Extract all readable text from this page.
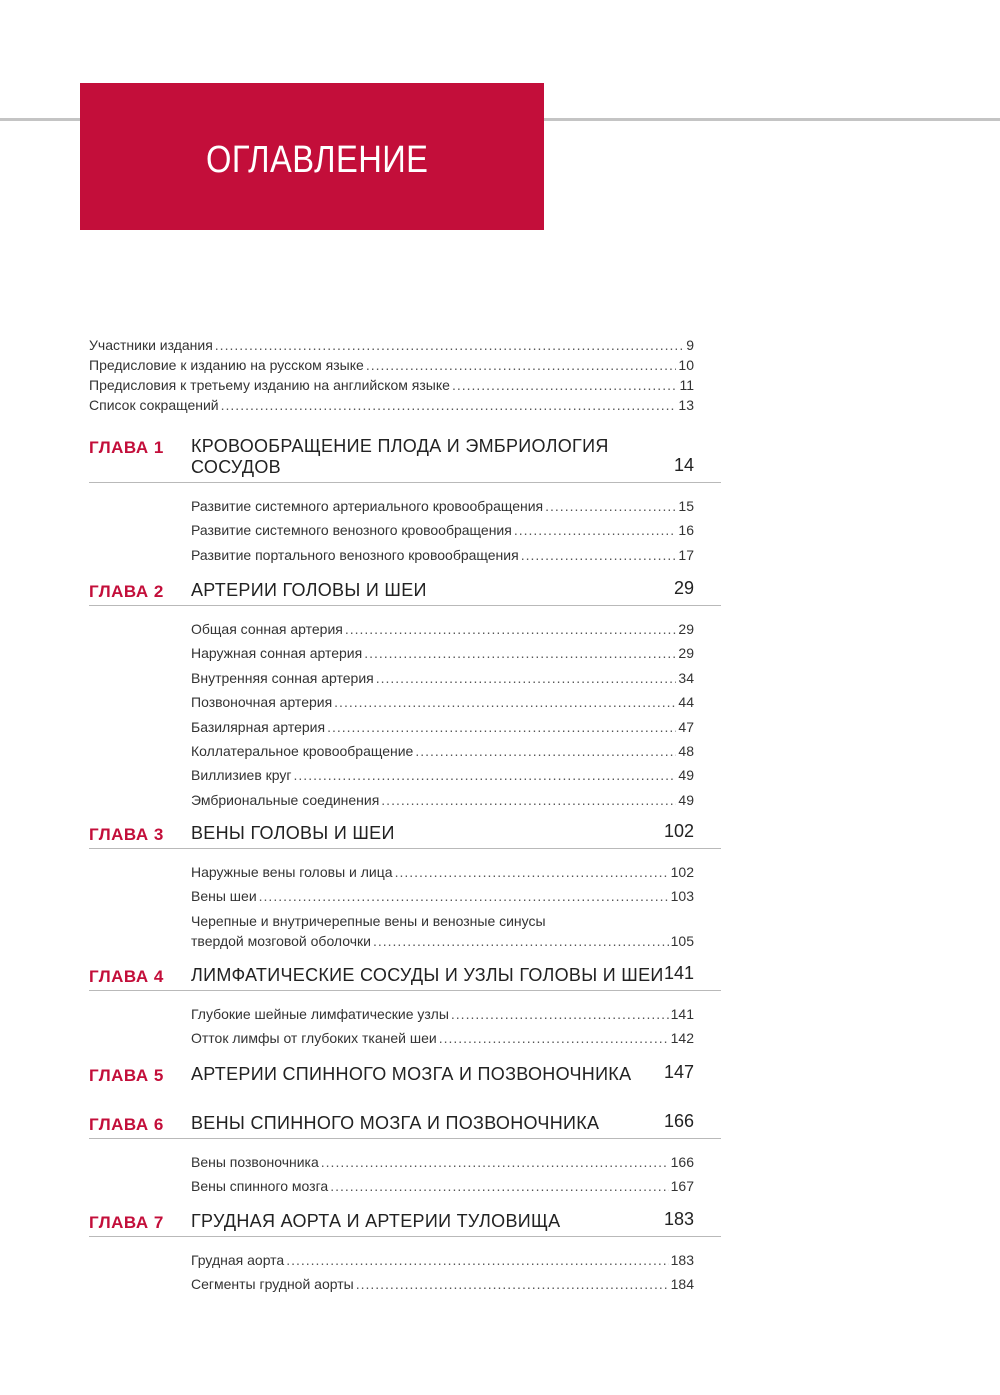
ОГЛАВЛЕНИЕ
Участники издания .....	9
Предисловие к изданию на русском языке .....	10
Предисловия к третьему изданию на английском языке .....	11
Список сокращений .....	13
ГЛАВА 1 КРОВООБРАЩЕНИЕ ПЛОДА И ЭМБРИОЛОГИЯ СОСУДОВ	14
Развитие системного артериального кровообращения .....	15
Развитие системного венозного кровообращения .....	16
Развитие портального венозного кровообращения .....	17
ГЛАВА 2 АРТЕРИИ ГОЛОВЫ И ШЕИ	29
Общая сонная артерия .....	29
Наружная сонная артерия .....	29
Внутренняя сонная артерия .....	34
Позвоночная артерия .....	44
Базилярная артерия .....	47
Коллатеральное кровообращение .....	48
Виллизиев круг .....	49
Эмбриональные соединения .....	49
ГЛАВА 3 ВЕНЫ ГОЛОВЫ И ШЕИ	102
Наружные вены головы и лица .....	102
Вены шеи .....	103
Черепные и внутричерепные вены и венозные синусы
твердой мозговой оболочки .....	105
ГЛАВА 4 ЛИМФАТИЧЕСКИЕ СОСУДЫ И УЗЛЫ ГОЛОВЫ И ШЕИ 141
Глубокие шейные лимфатические узлы .....	141
Отток лимфы от глубоких тканей шеи .....	142
ГЛАВА 5 АРТЕРИИ СПИННОГО МОЗГА И ПОЗВОНОЧНИКА	147
ГЛАВА 6 ВЕНЫ СПИННОГО МОЗГА И ПОЗВОНОЧНИКА	166
Вены позвоночника .....	166
Вены спинного мозга .....	167
ГЛАВА 7 ГРУДНАЯ АОРТА И АРТЕРИИ ТУЛОВИЩА	183
Грудная аорта .....	183
Сегменты грудной аорты .....	184
